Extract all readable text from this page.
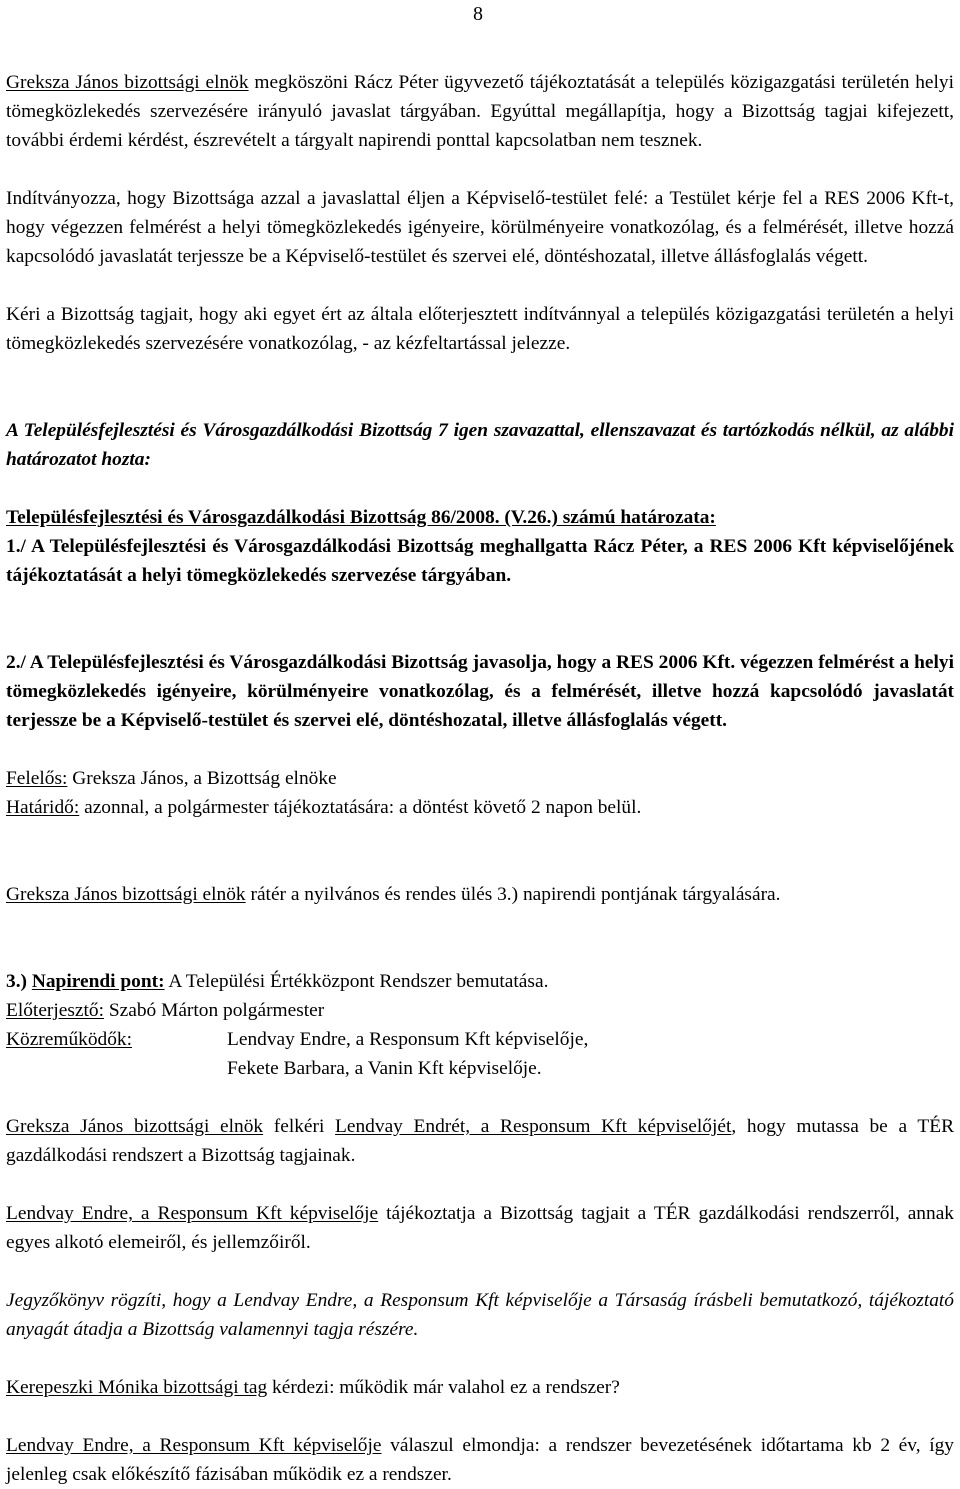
8

Greksza János bizottsági elnök megköszöni Rácz Péter ügyvezető tájékoztatását a település közigazgatási területén helyi tömegközlekedés szervezésére irányuló javaslat tárgyában. Egyúttal megállapítja, hogy a Bizottság tagjai kifejezett, további érdemi kérdést, észrevételt a tárgyalt napirendi ponttal kapcsolatban nem tesznek.

Indítványozza, hogy Bizottsága azzal a javaslattal éljen a Képviselő-testület felé: a Testület kérje fel a RES 2006 Kft-t, hogy végezzen felmérést a helyi tömegközlekedés igényeire, körülményeire vonatkozólag, és a felmérését, illetve hozzá kapcsolódó javaslatát terjessze be a Képviselő-testület és szervei elé, döntéshozatal, illetve állásfoglalás végett.

Kéri a Bizottság tagjait, hogy aki egyet ért az általa előterjesztett indítvánnyal a település közigazgatási területén a helyi tömegközlekedés szervezésére vonatkozólag, - az kézfeltartással jelezze.

A Településfejlesztési és Városgazdálkodási Bizottság 7 igen szavazattal, ellenszavazat és tartózkodás nélkül, az alábbi határozatot hozta:

Településfejlesztési és Városgazdálkodási Bizottság 86/2008. (V.26.) számú határozata:

1./ A Településfejlesztési és Városgazdálkodási Bizottság meghallgatta Rácz Péter, a RES 2006 Kft képviselőjének tájékoztatását a helyi tömegközlekedés szervezése tárgyában.

2./ A Településfejlesztési és Városgazdálkodási Bizottság javasolja, hogy a RES 2006 Kft. végezzen felmérést a helyi tömegközlekedés igényeire, körülményeire vonatkozólag, és a felmérését, illetve hozzá kapcsolódó javaslatát terjessze be a Képviselő-testület és szervei elé, döntéshozatal, illetve állásfoglalás végett.

Felelős: Greksza János, a Bizottság elnöke

Határidő: azonnal, a polgármester tájékoztatására: a döntést követő 2 napon belül.

Greksza János bizottsági elnök rátér a nyilvános és rendes ülés 3.) napirendi pontjának tárgyalására.

3.) Napirendi pont: A Települési Értékközpont Rendszer bemutatása.

Előterjesztő: Szabó Márton polgármester

Közreműködők:	Lendvay Endre, a Responsum Kft képviselője,
Fekete Barbara, a Vanin Kft képviselője.

Greksza János bizottsági elnök felkéri Lendvay Endrét, a Responsum Kft képviselőjét, hogy mutassa be a TÉR gazdálkodási rendszert a Bizottság tagjainak.

Lendvay Endre, a Responsum Kft képviselője tájékoztatja a Bizottság tagjait a TÉR gazdálkodási rendszerről, annak egyes alkotó elemeiről, és jellemzőiről.

Jegyzőkönyv rögzíti, hogy a Lendvay Endre, a Responsum Kft képviselője a Társaság írásbeli bemutatkozó, tájékoztató anyagát átadja a Bizottság valamennyi tagja részére.

Kerepeszki Mónika bizottsági tag kérdezi: működik már valahol ez a rendszer?

Lendvay Endre, a Responsum Kft képviselője válaszul elmondja: a rendszer bevezetésének időtartama kb 2 év, így jelenleg csak előkészítő fázisában működik ez a rendszer.
